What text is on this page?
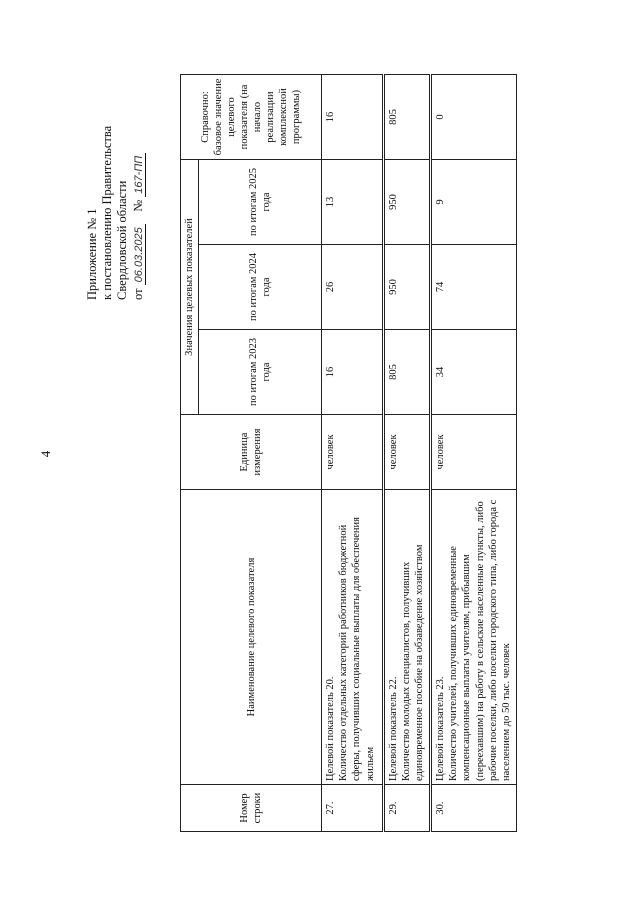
4
Приложение № 1 к постановлению Правительства Свердловской области от 06.03.2025    № 167-ПП
Номер строки	Наименование целевого показателя	Единица измерения	Значения целевых показателей			Справочно: базовое значение целевого показателя (на начало реализации комплексной программы)
			по итогам 2023 года	по итогам 2024 года	по итогам 2025 года	
27.	Целевой показатель 20. Количество отдельных категорий работников бюджетной сферы, получивших социальные выплаты для обеспечения жильем	человек	16	26	13	16
29.	Целевой показатель 22. Количество молодых специалистов, получивших единовременное пособие на обзаведение хозяйством	человек	805	950	950	805
30.	Целевой показатель 23. Количество учителей, получивших единовременные компенсационные выплаты учителям, прибывшим (переехавшим) на работу в сельские населенные пункты, либо рабочие поселки, либо поселки городского типа, либо города с населением до 50 тыс. человек	человек	34	74	9	0
